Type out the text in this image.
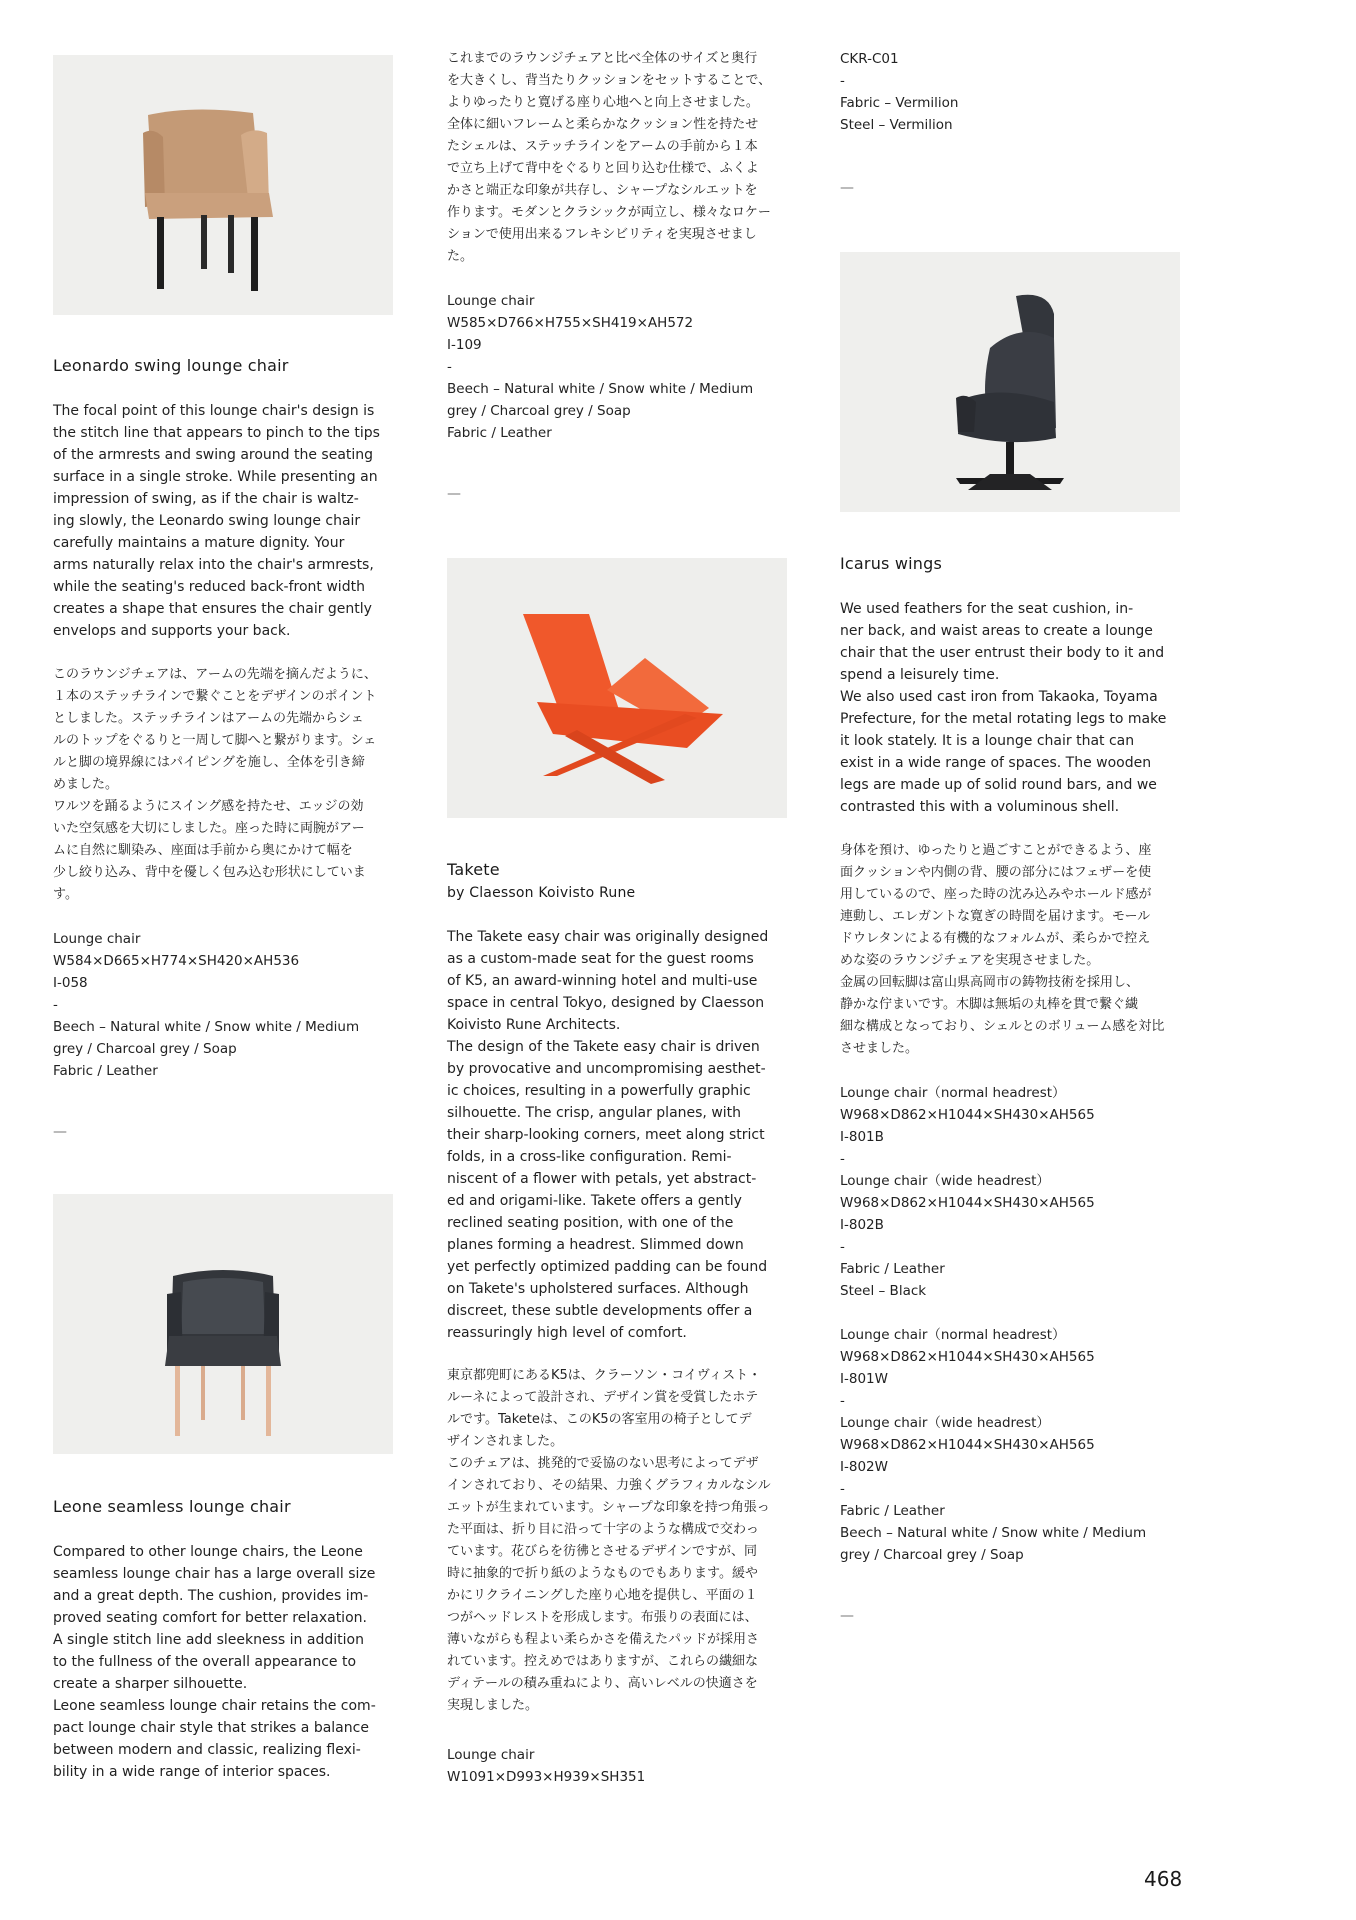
Leonardo swing lounge chair

The focal point of this lounge chair's design is
the stitch line that appears to pinch to the tips
of the armrests and swing around the seating
surface in a single stroke. While presenting an
impression of swing, as if the chair is waltz-
ing slowly, the Leonardo swing lounge chair
carefully maintains a mature dignity. Your
arms naturally relax into the chair's armrests,
while the seating's reduced back-front width
creates a shape that ensures the chair gently
envelops and supports your back.

このラウンジチェアは、アームの先端を摘んだように、
１本のステッチラインで繋ぐことをデザインのポイント
としました。ステッチラインはアームの先端からシェ
ルのトップをぐるりと一周して脚へと繋がります。シェ
ルと脚の境界線にはパイピングを施し、全体を引き締
めました。
ワルツを踊るようにスイング感を持たせ、エッジの効
いた空気感を大切にしました。座った時に両腕がアー
ムに自然に馴染み、座面は手前から奥にかけて幅を
少し絞り込み、背中を優しく包み込む形状にしていま
す。

Lounge chair
W584×D665×H774×SH420×AH536
I-058
-
Beech – Natural white / Snow white / Medium
grey / Charcoal grey / Soap
Fabric / Leather

—

Leone seamless lounge chair

Compared to other lounge chairs, the Leone
seamless lounge chair has a large overall size
and a great depth. The cushion, provides im-
proved seating comfort for better relaxation.
A single stitch line add sleekness in addition
to the fullness of the overall appearance to
create a sharper silhouette.
Leone seamless lounge chair retains the com-
pact lounge chair style that strikes a balance
between modern and classic, realizing flexi-
bility in a wide range of interior spaces.

これまでのラウンジチェアと比べ全体のサイズと奥行
を大きくし、背当たりクッションをセットすることで、
よりゆったりと寛げる座り心地へと向上させました。
全体に細いフレームと柔らかなクッション性を持たせ
たシェルは、ステッチラインをアームの手前から１本
で立ち上げて背中をぐるりと回り込む仕様で、ふくよ
かさと端正な印象が共存し、シャープなシルエットを
作ります。モダンとクラシックが両立し、様々なロケー
ションで使用出来るフレキシビリティを実現させまし
た。

Lounge chair
W585×D766×H755×SH419×AH572
I-109
-
Beech – Natural white / Snow white / Medium
grey / Charcoal grey / Soap
Fabric / Leather

—

Takete

by Claesson Koivisto Rune

The Takete easy chair was originally designed
as a custom-made seat for the guest rooms
of K5, an award-winning hotel and multi-use
space in central Tokyo, designed by Claesson
Koivisto Rune Architects.
The design of the Takete easy chair is driven
by provocative and uncompromising aesthet-
ic choices, resulting in a powerfully graphic
silhouette. The crisp, angular planes, with
their sharp-looking corners, meet along strict
folds, in a cross-like configuration. Remi-
niscent of a flower with petals, yet abstract-
ed and origami-like. Takete offers a gently
reclined seating position, with one of the
planes forming a headrest. Slimmed down
yet perfectly optimized padding can be found
on Takete's upholstered surfaces. Although
discreet, these subtle developments offer a
reassuringly high level of comfort.

東京都兜町にあるK5は、クラーソン・コイヴィスト・
ルーネによって設計され、デザイン賞を受賞したホテ
ルです。Taketeは、このK5の客室用の椅子としてデ
ザインされました。
このチェアは、挑発的で妥協のない思考によってデザ
インされており、その結果、力強くグラフィカルなシル
エットが生まれています。シャープな印象を持つ角張っ
た平面は、折り目に沿って十字のような構成で交わっ
ています。花びらを彷彿とさせるデザインですが、同
時に抽象的で折り紙のようなものでもあります。緩や
かにリクライニングした座り心地を提供し、平面の１
つがヘッドレストを形成します。布張りの表面には、
薄いながらも程よい柔らかさを備えたパッドが採用さ
れています。控えめではありますが、これらの繊細な
ディテールの積み重ねにより、高いレベルの快適さを
実現しました。

Lounge chair
W1091×D993×H939×SH351

CKR-C01
-
Fabric – Vermilion
Steel – Vermilion

—

Icarus wings

We used feathers for the seat cushion, in-
ner back, and waist areas to create a lounge
chair that the user entrust their body to it and
spend a leisurely time.
We also used cast iron from Takaoka, Toyama
Prefecture, for the metal rotating legs to make
it look stately. It is a lounge chair that can
exist in a wide range of spaces. The wooden
legs are made up of solid round bars, and we
contrasted this with a voluminous shell.

身体を預け、ゆったりと過ごすことができるよう、座
面クッションや内側の背、腰の部分にはフェザーを使
用しているので、座った時の沈み込みやホールド感が
連動し、エレガントな寛ぎの時間を届けます。モール
ドウレタンによる有機的なフォルムが、柔らかで控え
めな姿のラウンジチェアを実現させました。
金属の回転脚は富山県高岡市の鋳物技術を採用し、
静かな佇まいです。木脚は無垢の丸棒を貫で繋ぐ繊
細な構成となっており、シェルとのボリューム感を対比
させました。

Lounge chair（normal headrest）
W968×D862×H1044×SH430×AH565
I-801B
-
Lounge chair（wide headrest）
W968×D862×H1044×SH430×AH565
I-802B
-
Fabric / Leather
Steel – Black

Lounge chair（normal headrest）
W968×D862×H1044×SH430×AH565
I-801W
-
Lounge chair（wide headrest）
W968×D862×H1044×SH430×AH565
I-802W
-
Fabric / Leather
Beech – Natural white / Snow white / Medium
grey / Charcoal grey / Soap

—

468
